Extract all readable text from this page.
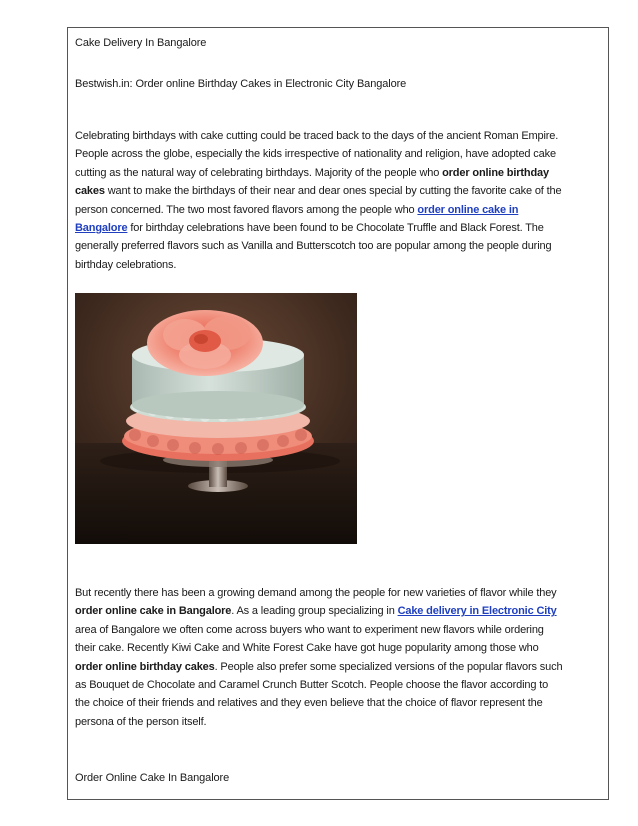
Cake Delivery In Bangalore
Bestwish.in: Order online Birthday Cakes in Electronic City Bangalore

Celebrating birthdays with cake cutting could be traced back to the days of the ancient Roman Empire. People across the globe, especially the kids irrespective of nationality and religion, have adopted cake cutting as the natural way of celebrating birthdays. Majority of the people who order online birthday cakes want to make the birthdays of their near and dear ones special by cutting the favorite cake of the person concerned. The two most favored flavors among the people who order online cake in Bangalore for birthday celebrations have been found to be Chocolate Truffle and Black Forest. The generally preferred flavors such as Vanilla and Butterscotch too are popular among the people during birthday celebrations.

But recently there has been a growing demand among the people for new varieties of flavor while they order online cake in Bangalore. As a leading group specializing in Cake delivery in Electronic City area of Bangalore we often come across buyers who want to experiment new flavors while ordering their cake. Recently Kiwi Cake and White Forest Cake have got huge popularity among those who order online birthday cakes. People also prefer some specialized versions of the popular flavors such as Bouquet de Chocolate and Caramel Crunch Butter Scotch. People choose the flavor according to the choice of their friends and relatives and they even believe that the choice of flavor represent the persona of the person itself.

Order Online Cake In Bangalore
